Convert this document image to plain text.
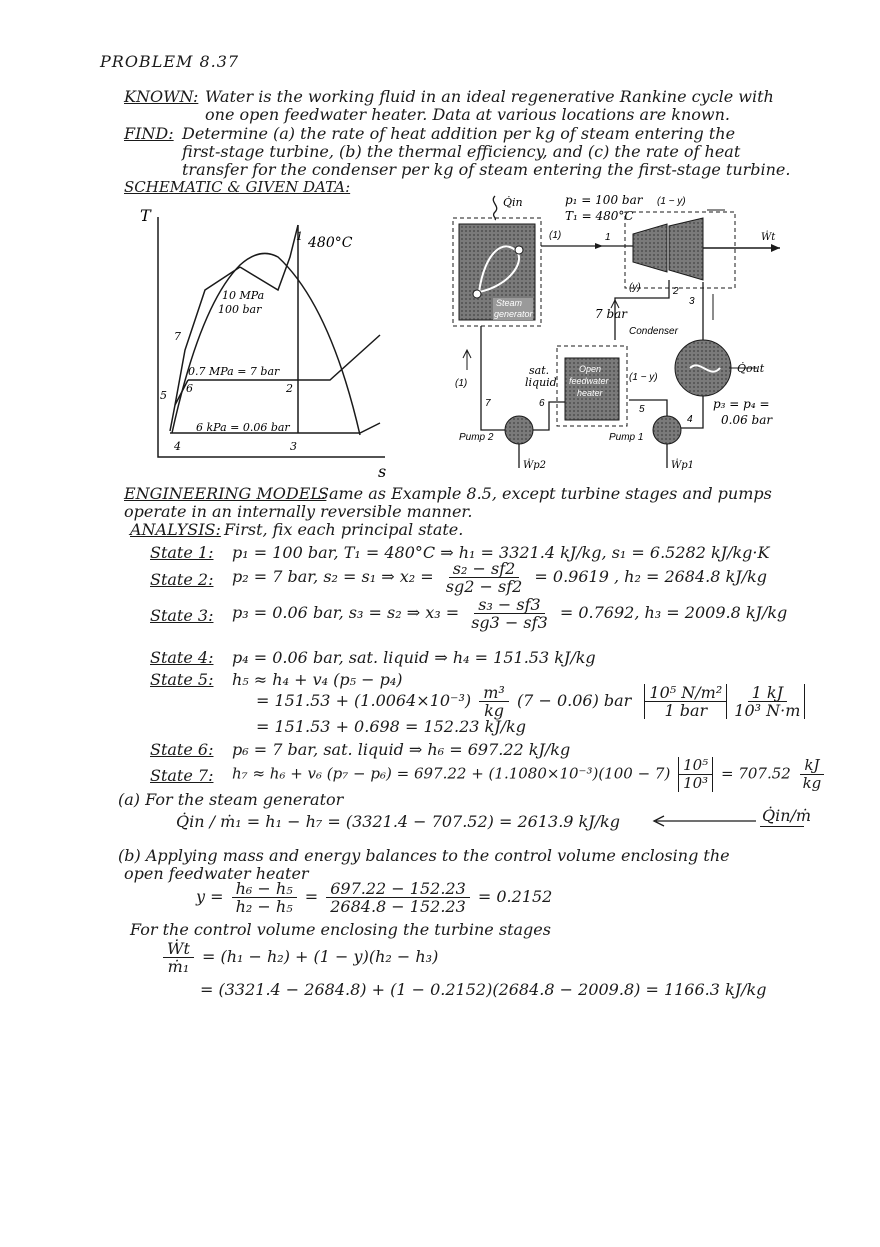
PROBLEM 8.37
KNOWN: Water is the working fluid in an ideal regenerative Rankine cycle with
one open feedwater heater. Data at various locations are known.
FIND: Determine (a) the rate of heat addition per kg of steam entering the
first-stage turbine, (b) the thermal efficiency, and (c) the rate of heat
transfer for the condenser per kg of steam entering the first-stage turbine.
SCHEMATIC & GIVEN DATA:
T
s
480°C
10 MPa
100 bar
0.7 MPa = 7 bar
6 kPa = 0.06 bar
1
2
3
4
5
6
7
Steam
generator
Q̇in	p₁ = 100 bar
T₁ = 480°C
(1)	1	Ẇt
(1 − y)
2
(y)
7 bar
3
Condenser
Q̇out
p₃ = p₄ =
0.06 bar
4
Pump 1
Ẇp1
5
Open
feedwater
heater
(1 − y)
sat.
liquid
6
Pump 2
Ẇp2
7
(1)
ENGINEERING MODEL:
Same as Example 8.5, except turbine stages and pumps
operate in an internally reversible manner.
ANALYSIS: First, fix each principal state.
State 1: p₁ = 100 bar, T₁ = 480°C ⇒ h₁ = 3321.4 kJ/kg, s₁ = 6.5282 kJ/kg·K
State 2: p₂ = 7 bar, s₂ = s₁ ⇒ $x_2 = \frac{\text{s₂ − sf2}}{sg2 - sf2} = 0.9619$ , h₂ = 2684.8 kJ/kg
State 3: p₃ = 0.06 bar, s₃ = s₂ ⇒ $x_3 = \frac{\text{s₃ − sf3}}{sg3 - sf3} = 0.7692$, h₃ = 2009.8 kJ/kg
State 4: p₄ = 0.06 bar, sat. liquid ⇒ h₄ = 151.53 kJ/kg
State 5: h₅ ≈ h₄ + v₄ (p₅ − p₄)
= $151.53 + (1.0064\times 10^{-3}) \frac{\text{m³}}{kg} (7 - 0.06)$ bar $\frac{\text{10⁵ N/m²}}{\text{1 bar}} \frac{1 kJ}{\text{10³ N·m}}$
= 151.53 + 0.698 = 152.23 kJ/kg
State 6: p₆ = 7 bar, sat. liquid ⇒ h₆ = 697.22 kJ/kg
State 7: h₇ ≈ h₆ + v₆ $(p_7 - p_6) = 697.22 + (1.1080\times 10^{-3})(100 - 7) \frac{\text{10⁵}}{\text{10³}} = 707.52 \frac{kJ}{kg}$
(a) For the steam generator
Q̇in / ṁ₁ = h₁ − h₇ = (3321.4 − 707.52) = 2613.9 kJ/kg	Q̇in/ṁ
(b) Applying mass and energy balances to the control volume enclosing the
open feedwater heater
$y = \frac{\text{h₆ − h₅}}{\text{h₂ − h₅}} = \frac{697.22 - 152.23}{2684.8 - 152.23} = 0.2152$
For the control volume enclosing the turbine stages
$\frac{\text{Ẇt}}{\text{ṁ₁}} = (h_1 - h_2) + (1 - y)(h_2 - h_3)$
= (3321.4 − 2684.8) + (1 − 0.2152)(2684.8 − 2009.8) = 1166.3 kJ/kg
